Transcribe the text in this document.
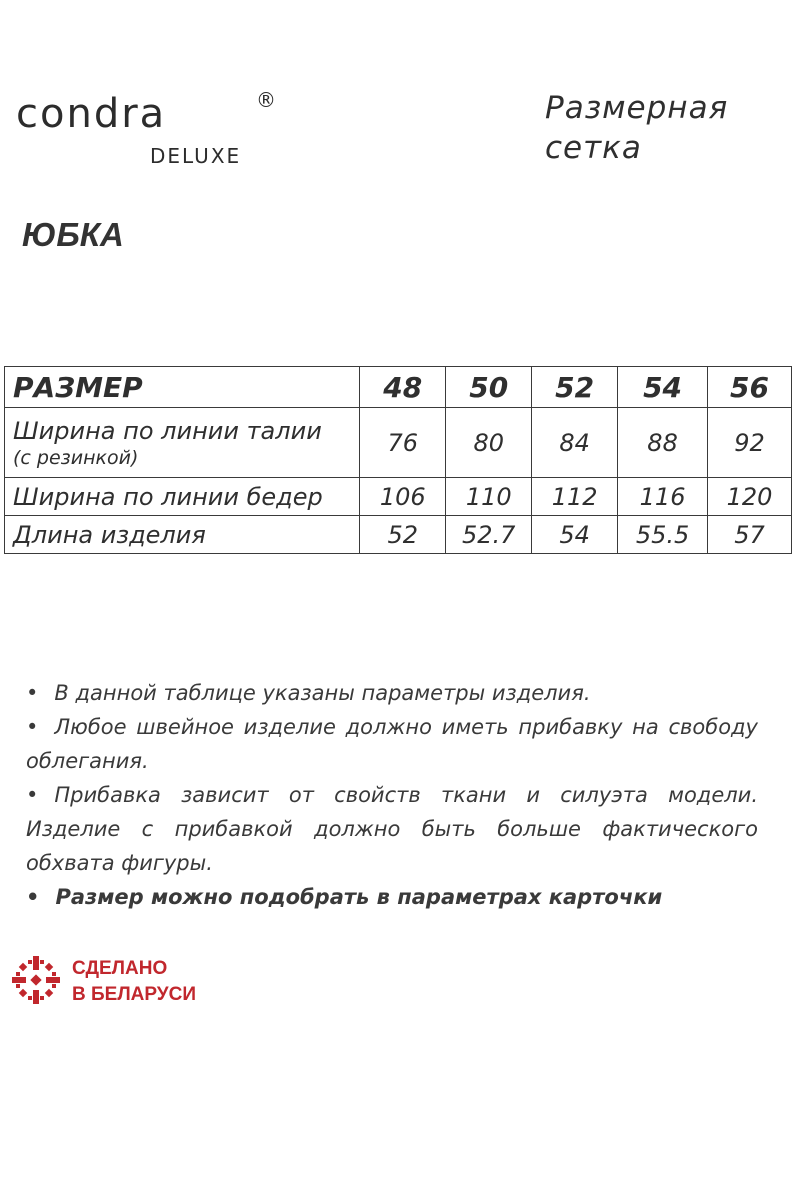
condra	®
DELUXE
Размерная сетка
ЮБКА
РАЗМЕР	48	50	52	54	56

Ширина по линии талии
(с резинкой)	76	80	84	88	92
Ширина по линии бедер	106	110	112	116	120
Длина изделия	52	52.7	54	55.5	57

• В данной таблице указаны параметры изделия.

• Любое швейное изделие должно иметь прибавку на свободу облегания.

• Прибавка зависит от свойств ткани и силуэта модели. Изделие с прибавкой должно быть больше фактического обхвата фигуры.

• Размер можно подобрать в параметрах карточки

СДЕЛАНО
В БЕЛАРУСИ
